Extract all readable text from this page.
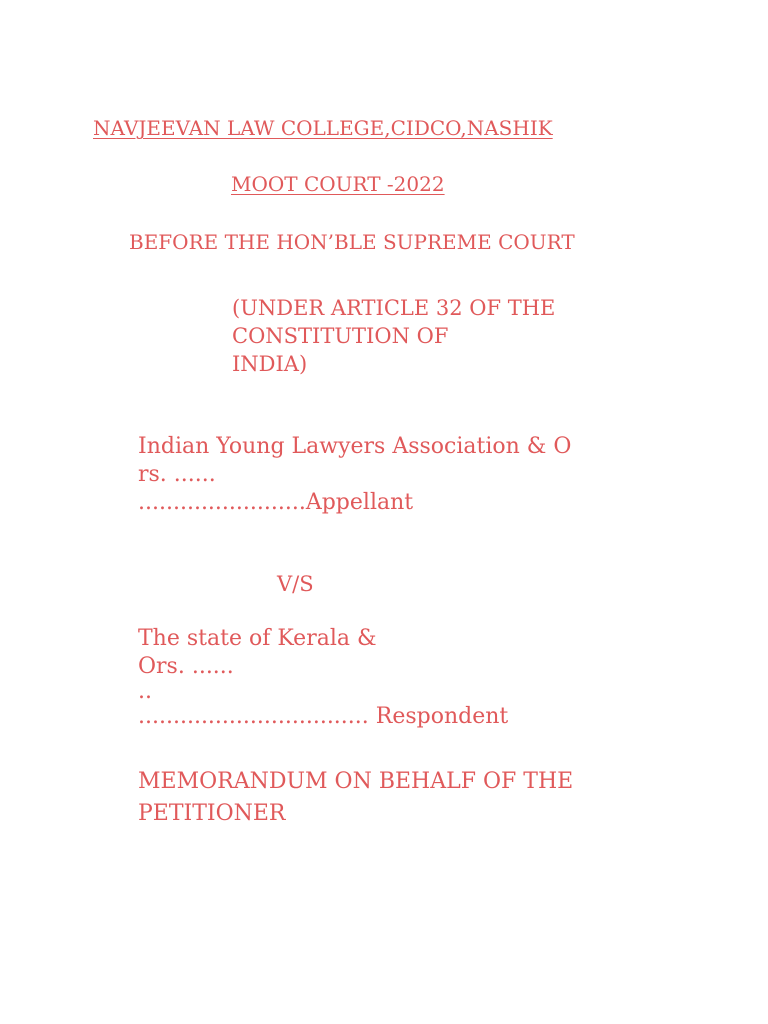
NAVJEEVAN LAW COLLEGE,CIDCO,NASHIK

MOOT COURT -2022

BEFORE THE HON’BLE SUPREME COURT

(UNDER ARTICLE 32 OF THE
CONSTITUTION OF
INDIA)
Indian Young Lawyers Association & O
rs. ......
........................Appellant

V/S

The state of Kerala &
Ors. ......
..
................................. Respondent
MEMORANDUM ON BEHALF OF THE
PETITIONER
